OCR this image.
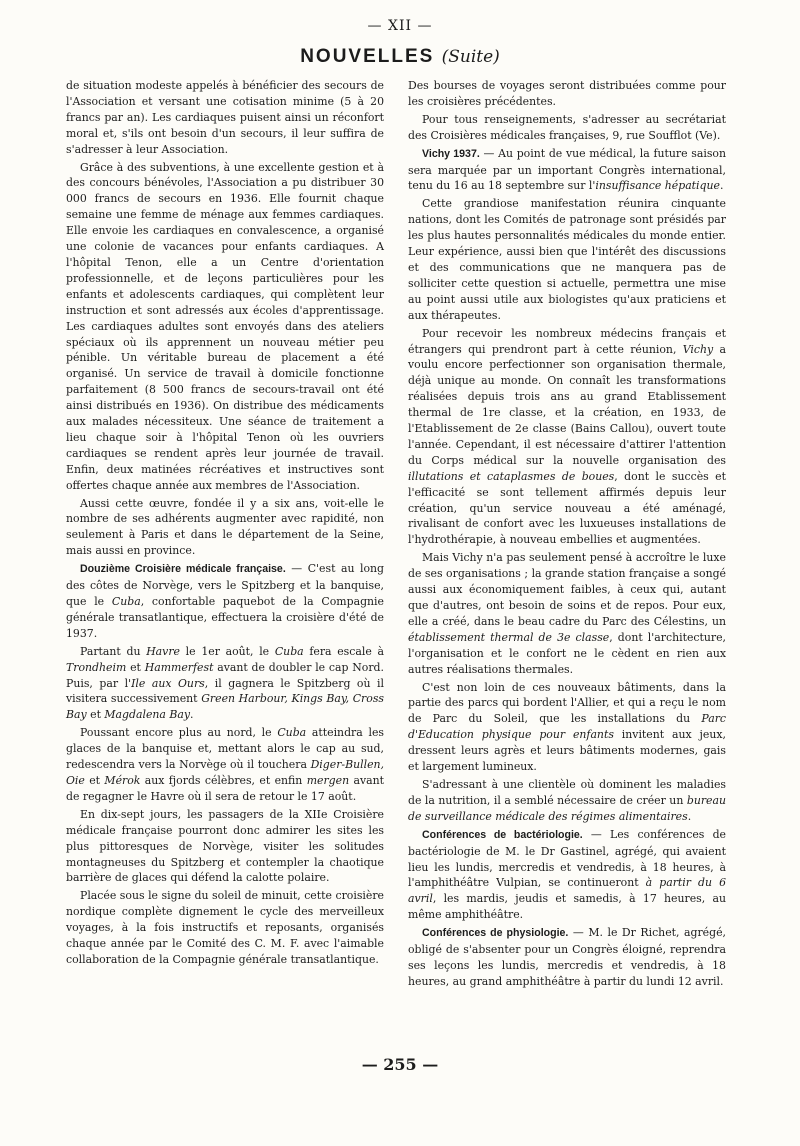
— XII —
NOUVELLES (Suite)

de situation modeste appelés à bénéficier des secours de l'Association et versant une cotisation minime (5 à 20 francs par an). Les cardiaques puisent ainsi un réconfort moral et, s'ils ont besoin d'un secours, il leur suffira de s'adresser à leur Association.

Grâce à des subventions, à une excellente gestion et à des concours bénévoles, l'Association a pu distribuer 30 000 francs de secours en 1936. Elle fournit chaque semaine une femme de ménage aux femmes cardiaques. Elle envoie les cardiaques en convalescence, a organisé une colonie de vacances pour enfants cardiaques. A l'hôpital Tenon, elle a un Centre d'orientation professionnelle, et de leçons particulières pour les enfants et adolescents cardiaques, qui complètent leur instruction et sont adressés aux écoles d'apprentissage. Les cardiaques adultes sont envoyés dans des ateliers spéciaux où ils apprennent un nouveau métier peu pénible. Un véritable bureau de placement a été organisé. Un service de travail à domicile fonctionne parfaitement (8 500 francs de secours-travail ont été ainsi distribués en 1936). On distribue des médicaments aux malades nécessiteux. Une séance de traitement a lieu chaque soir à l'hôpital Tenon où les ouvriers cardiaques se rendent après leur journée de travail. Enfin, deux matinées récréatives et instructives sont offertes chaque année aux membres de l'Association.

Aussi cette œuvre, fondée il y a six ans, voit-elle le nombre de ses adhérents augmenter avec rapidité, non seulement à Paris et dans le département de la Seine, mais aussi en province.

Douzième Croisière médicale française. — C'est au long des côtes de Norvège, vers le Spitzberg et la banquise, que le Cuba, confortable paquebot de la Compagnie générale transatlantique, effectuera la croisière d'été de 1937.

Partant du Havre le 1er août, le Cuba fera escale à Trondheim et Hammerfest avant de doubler le cap Nord. Puis, par l'Ile aux Ours, il gagnera le Spitzberg où il visitera successivement Green Harbour, Kings Bay, Cross Bay et Magdalena Bay.

Poussant encore plus au nord, le Cuba atteindra les glaces de la banquise et, mettant alors le cap au sud, redescendra vers la Norvège où il touchera Diger-Bullen, Oie et Mérok aux fjords célèbres, et enfin mergen avant de regagner le Havre où il sera de retour le 17 août.

En dix-sept jours, les passagers de la XIIe Croisière médicale française pourront donc admirer les sites les plus pittoresques de Norvège, visiter les solitudes montagneuses du Spitzberg et contempler la chaotique barrière de glaces qui défend la calotte polaire.

Placée sous le signe du soleil de minuit, cette croisière nordique complète dignement le cycle des merveilleux voyages, à la fois instructifs et reposants, organisés chaque année par le Comité des C. M. F. avec l'aimable collaboration de la Compagnie générale transatlantique.

Des bourses de voyages seront distribuées comme pour les croisières précédentes.

Pour tous renseignements, s'adresser au secrétariat des Croisières médicales françaises, 9, rue Soufflot (Ve).

Vichy 1937. — Au point de vue médical, la future saison sera marquée par un important Congrès international, tenu du 16 au 18 septembre sur l'insuffisance hépatique.

Cette grandiose manifestation réunira cinquante nations, dont les Comités de patronage sont présidés par les plus hautes personnalités médicales du monde entier. Leur expérience, aussi bien que l'intérêt des discussions et des communications que ne manquera pas de solliciter cette question si actuelle, permettra une mise au point aussi utile aux biologistes qu'aux praticiens et aux thérapeutes.

Pour recevoir les nombreux médecins français et étrangers qui prendront part à cette réunion, Vichy a voulu encore perfectionner son organisation thermale, déjà unique au monde. On connaît les transformations réalisées depuis trois ans au grand Etablissement thermal de 1re classe, et la création, en 1933, de l'Etablissement de 2e classe (Bains Callou), ouvert toute l'année. Cependant, il est nécessaire d'attirer l'attention du Corps médical sur la nouvelle organisation des illutations et cataplasmes de boues, dont le succès et l'efficacité se sont tellement affirmés depuis leur création, qu'un service nouveau a été aménagé, rivalisant de confort avec les luxueuses installations de l'hydrothérapie, à nouveau embellies et augmentées.

Mais Vichy n'a pas seulement pensé à accroître le luxe de ses organisations ; la grande station française a songé aussi aux économiquement faibles, à ceux qui, autant que d'autres, ont besoin de soins et de repos. Pour eux, elle a créé, dans le beau cadre du Parc des Célestins, un établissement thermal de 3e classe, dont l'architecture, l'organisation et le confort ne le cèdent en rien aux autres réalisations thermales.

C'est non loin de ces nouveaux bâtiments, dans la partie des parcs qui bordent l'Allier, et qui a reçu le nom de Parc du Soleil, que les installations du Parc d'Education physique pour enfants invitent aux jeux, dressent leurs agrès et leurs bâtiments modernes, gais et largement lumineux.

S'adressant à une clientèle où dominent les maladies de la nutrition, il a semblé nécessaire de créer un bureau de surveillance médicale des régimes alimentaires.

Conférences de bactériologie. — Les conférences de bactériologie de M. le Dr Gastinel, agrégé, qui avaient lieu les lundis, mercredis et vendredis, à 18 heures, à l'amphithéâtre Vulpian, se continueront à partir du 6 avril, les mardis, jeudis et samedis, à 17 heures, au même amphithéâtre.

Conférences de physiologie. — M. le Dr Richet, agrégé, obligé de s'absenter pour un Congrès éloigné, reprendra ses leçons les lundis, mercredis et vendredis, à 18 heures, au grand amphithéâtre à partir du lundi 12 avril.

— 255 —
